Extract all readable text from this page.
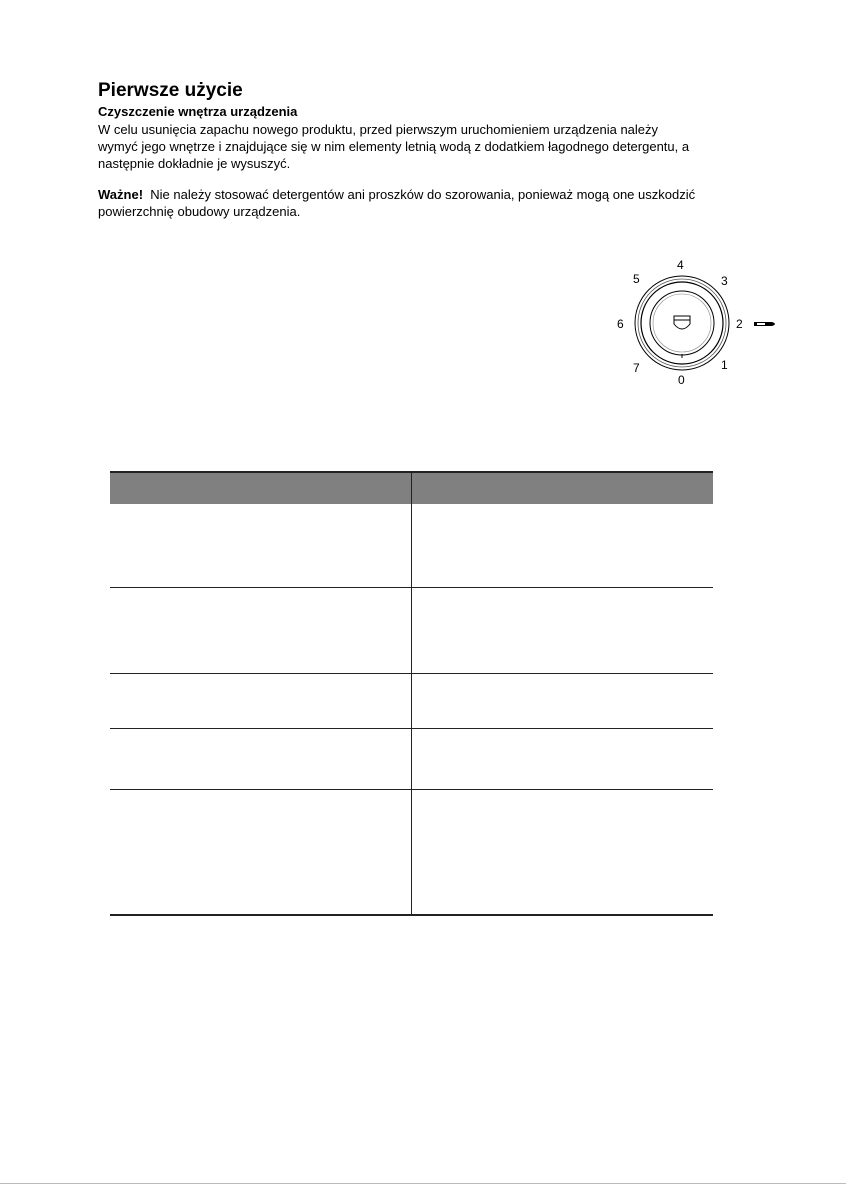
Pierwsze użycie
Czyszczenie wnętrza urządzenia

W celu usunięcia zapachu nowego produktu, przed pierwszym uruchomieniem urządzenia należy
wymyć jego wnętrze i znajdujące się w nim elementy letnią wodą z dodatkiem łagodnego detergentu, a
następnie dokładnie je wysuszyć.

Ważne!  Nie należy stosować detergentów ani proszków do szorowania, ponieważ mogą one uszkodzić
powierzchnię obudowy urządzenia.

4
3
2
1
0
7
6
5
